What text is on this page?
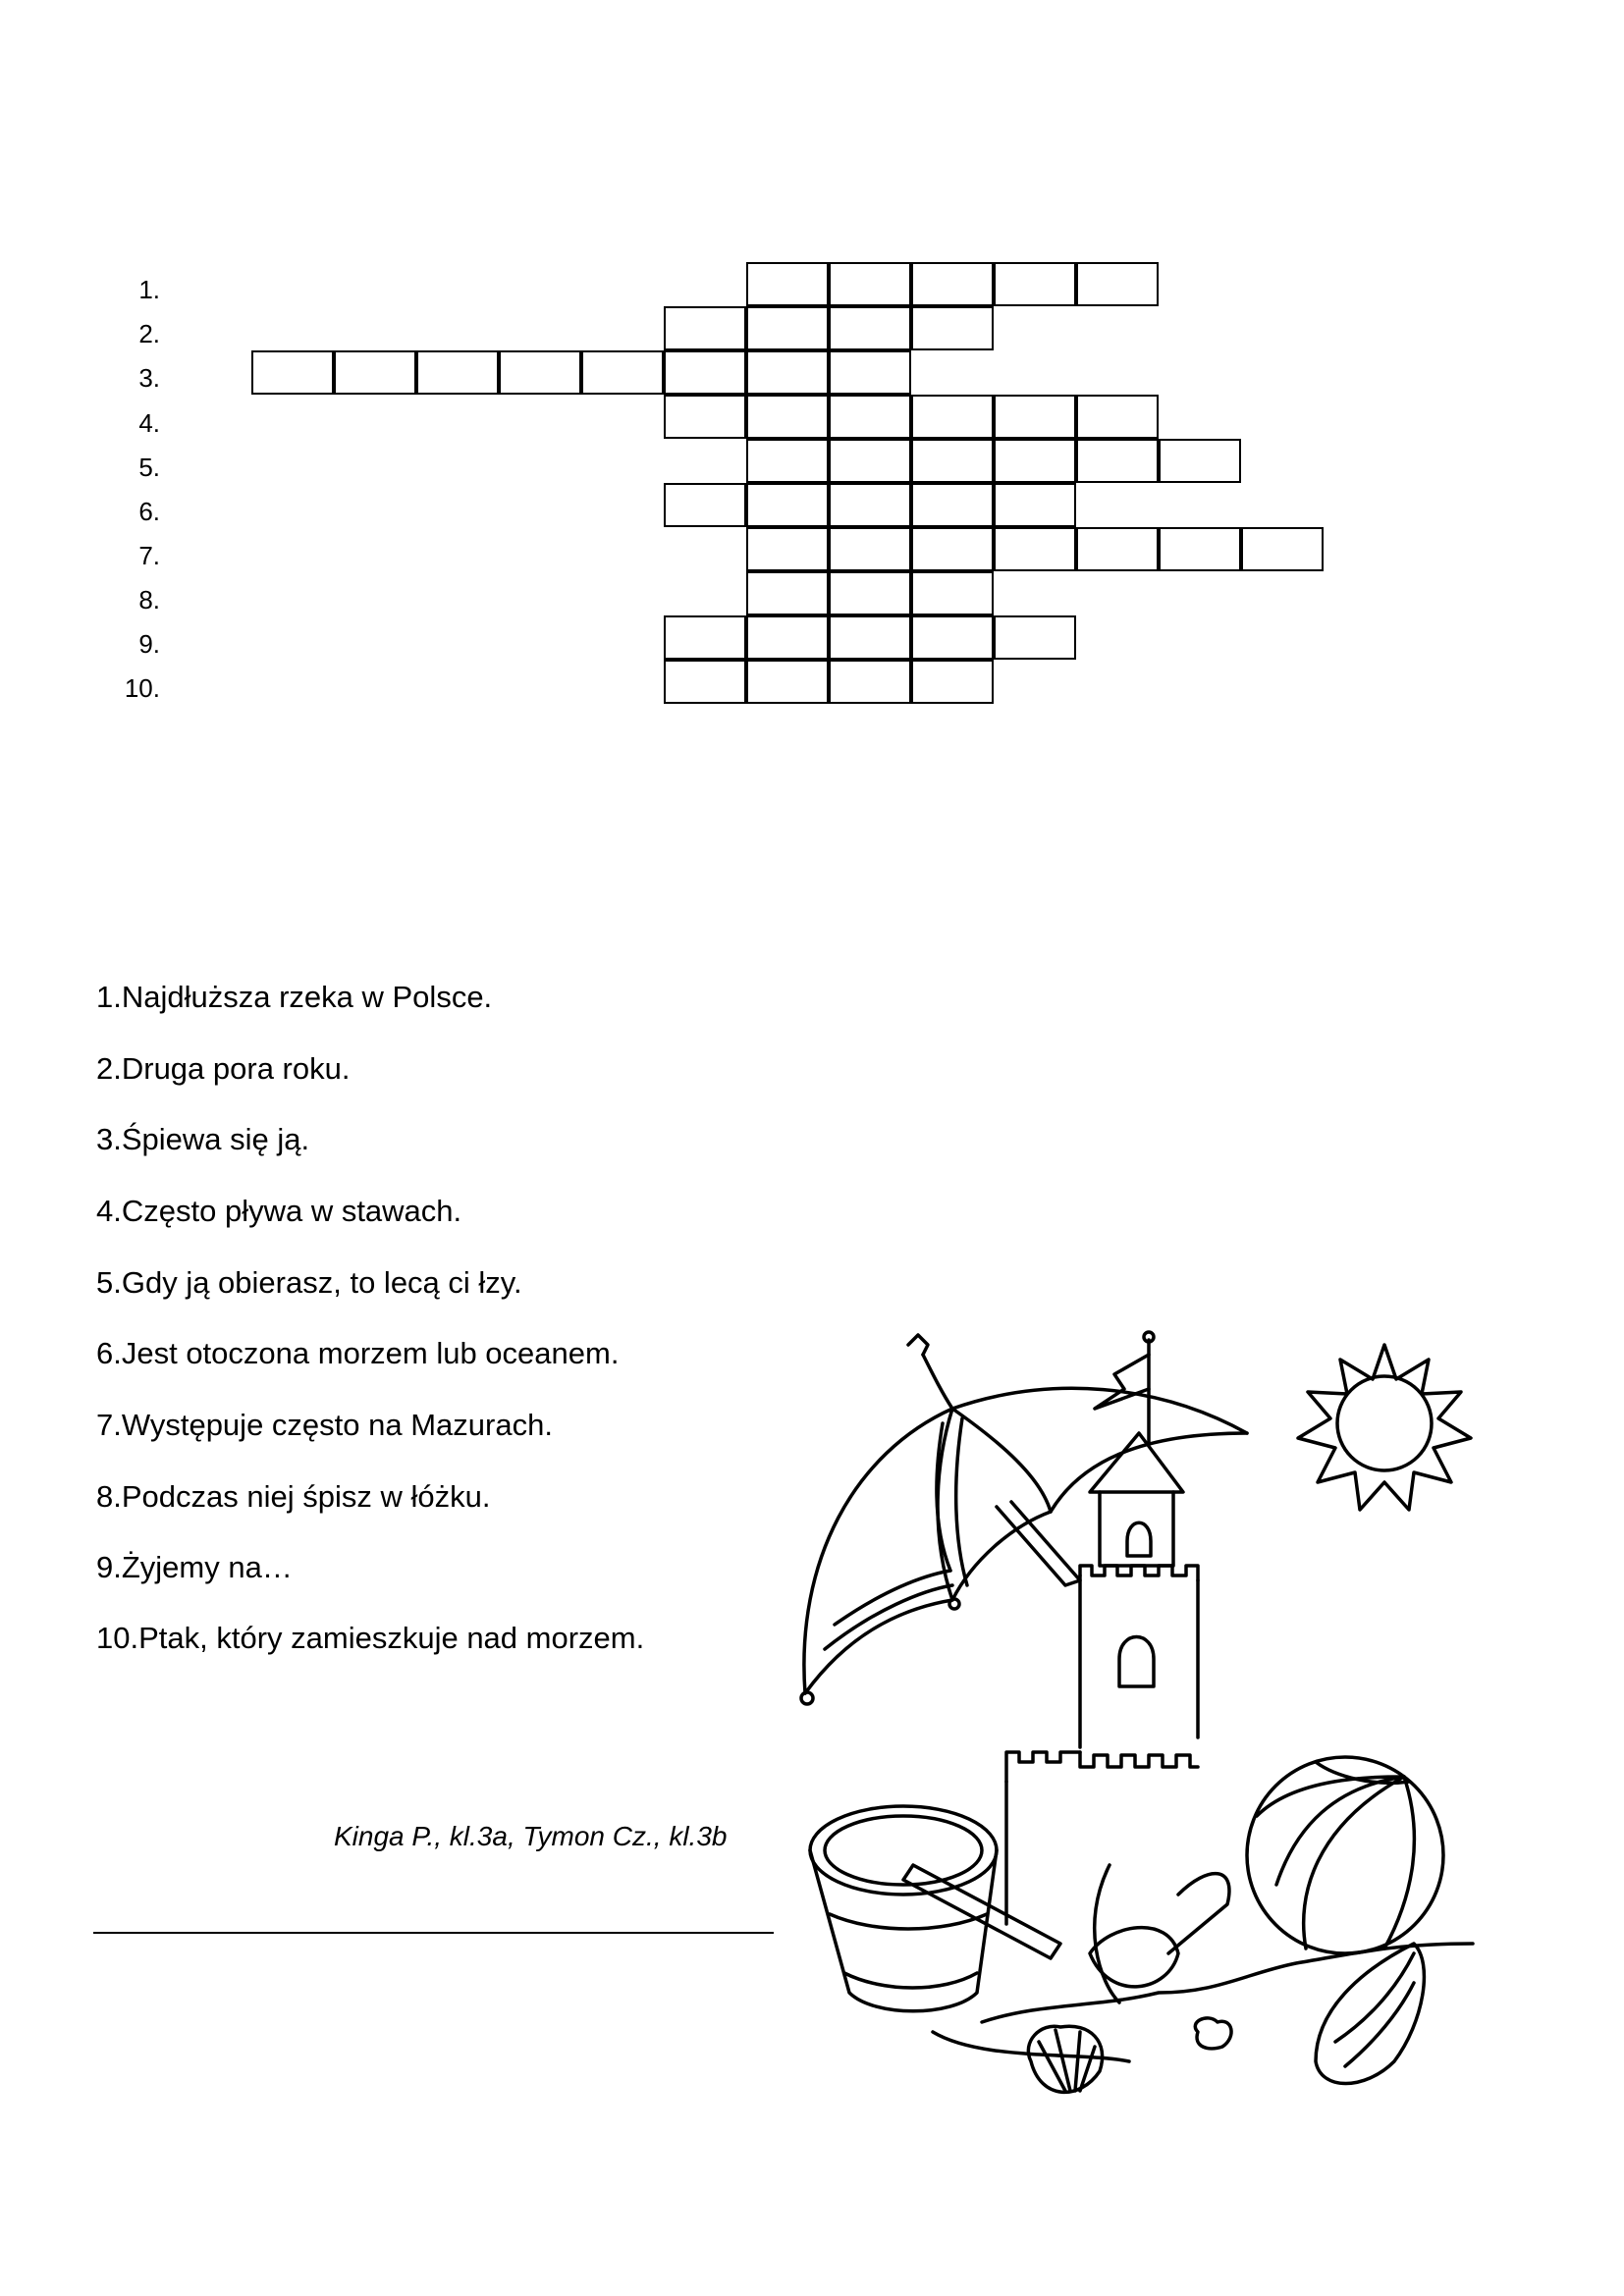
1.
2.
3.
4.
5.
6.
7.
8.
9.
10.
1.Najdłuższa rzeka w Polsce.
2.Druga pora roku.
3.Śpiewa się ją.
4.Często pływa w stawach.
5.Gdy ją obierasz, to lecą ci łzy.
6.Jest otoczona morzem lub oceanem.
7.Występuje często na Mazurach.
8.Podczas niej śpisz w łóżku.
9.Żyjemy na…
10.Ptak, który zamieszkuje nad morzem.
Kinga P., kl.3a, Tymon Cz., kl.3b
